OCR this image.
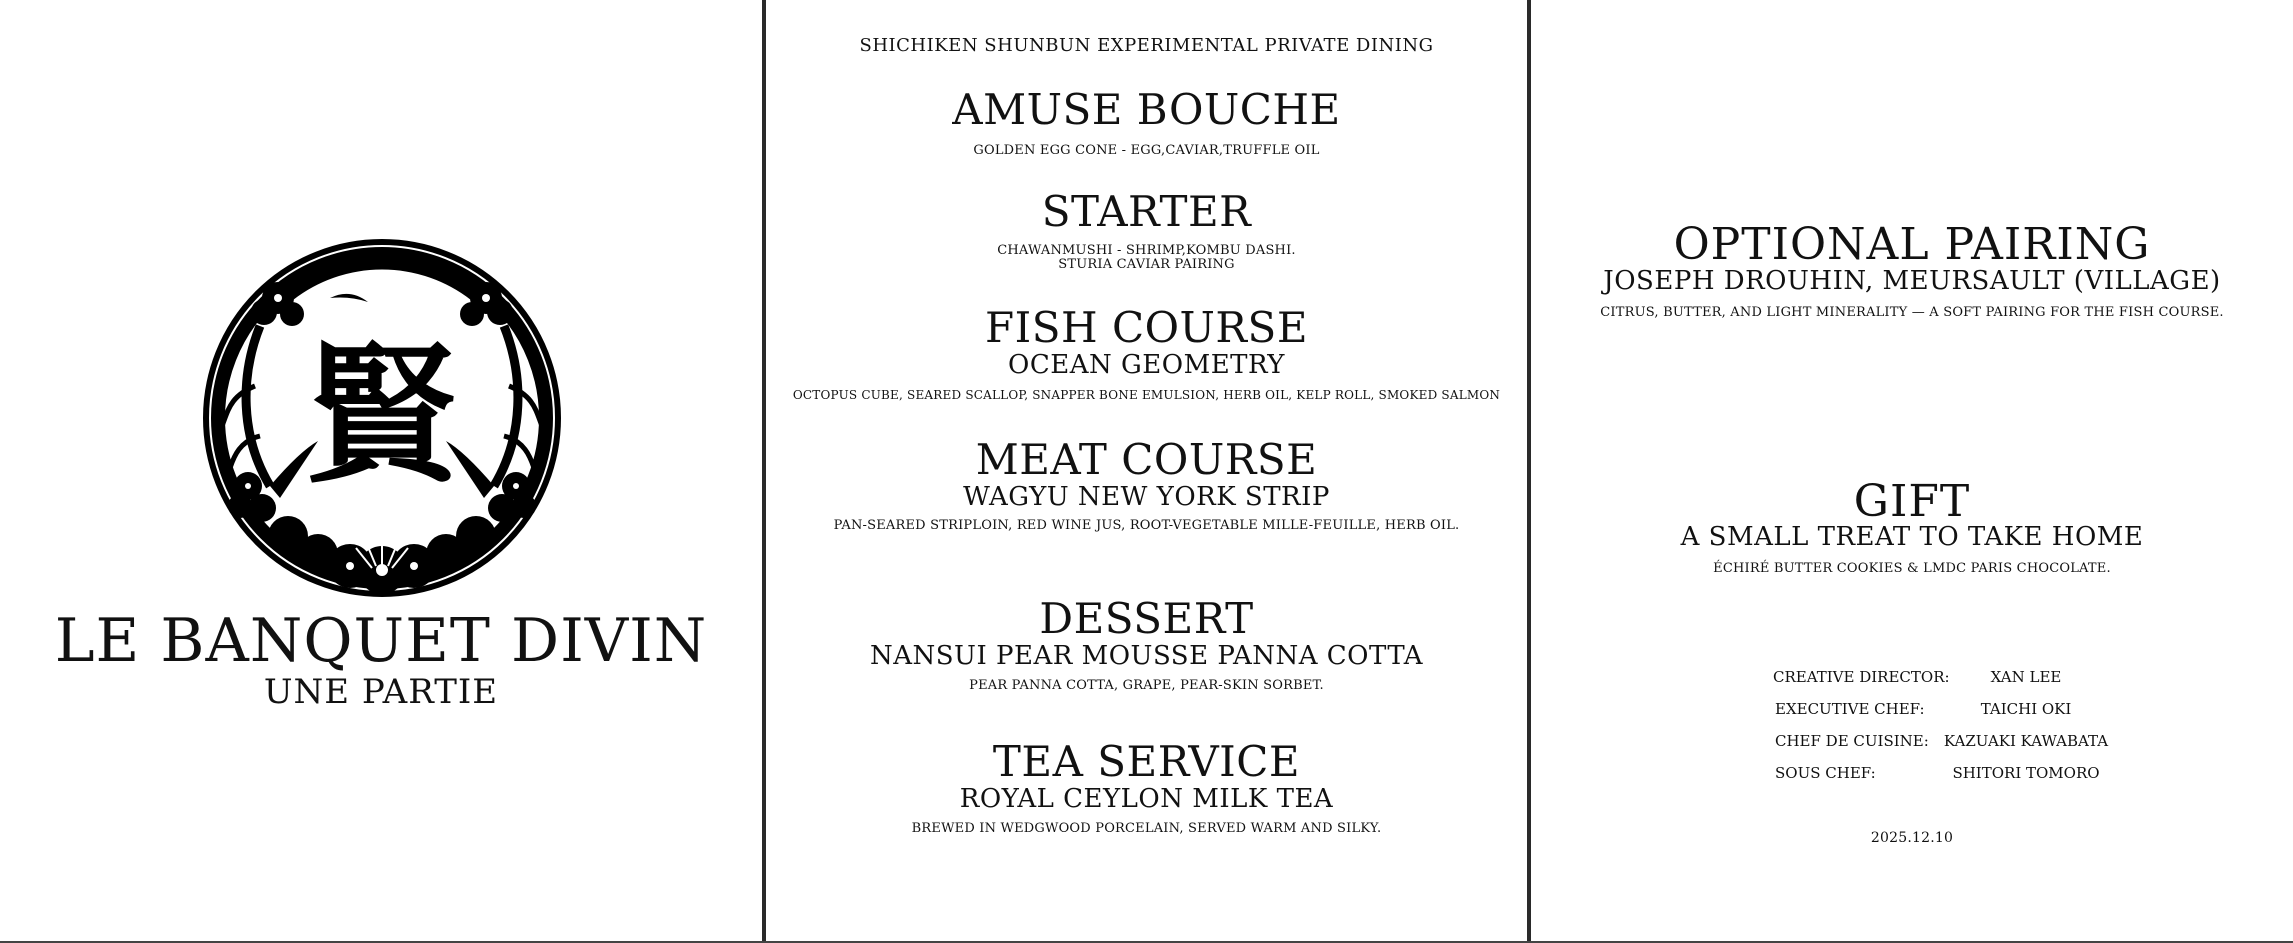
賢
LE BANQUET DIVIN
UNE PARTIE
SHICHIKEN SHUNBUN EXPERIMENTAL PRIVATE DINING
AMUSE BOUCHE
GOLDEN EGG CONE - EGG,CAVIAR,TRUFFLE OIL
STARTER
CHAWANMUSHI - SHRIMP,KOMBU DASHI.
STURIA CAVIAR PAIRING
FISH COURSE
OCEAN GEOMETRY
OCTOPUS CUBE, SEARED SCALLOP, SNAPPER BONE EMULSION, HERB OIL, KELP ROLL, SMOKED SALMON
MEAT COURSE
WAGYU NEW YORK STRIP
PAN-SEARED STRIPLOIN, RED WINE JUS, ROOT-VEGETABLE MILLE-FEUILLE, HERB OIL.
DESSERT
NANSUI PEAR MOUSSE PANNA COTTA
PEAR PANNA COTTA, GRAPE, PEAR-SKIN SORBET.
TEA SERVICE
ROYAL CEYLON MILK TEA
BREWED IN WEDGWOOD PORCELAIN, SERVED WARM AND SILKY.
OPTIONAL PAIRING
JOSEPH DROUHIN, MEURSAULT (VILLAGE)
CITRUS, BUTTER, AND LIGHT MINERALITY — A SOFT PAIRING FOR THE FISH COURSE.
GIFT
A SMALL TREAT TO TAKE HOME
ÉCHIRÉ BUTTER COOKIES & LMDC PARIS CHOCOLATE.
CREATIVE DIRECTOR:	XAN LEE
EXECUTIVE CHEF:	TAICHI OKI
CHEF DE CUISINE:	KAZUAKI KAWABATA
SOUS CHEF:	SHITORI TOMORO
2025.12.10
